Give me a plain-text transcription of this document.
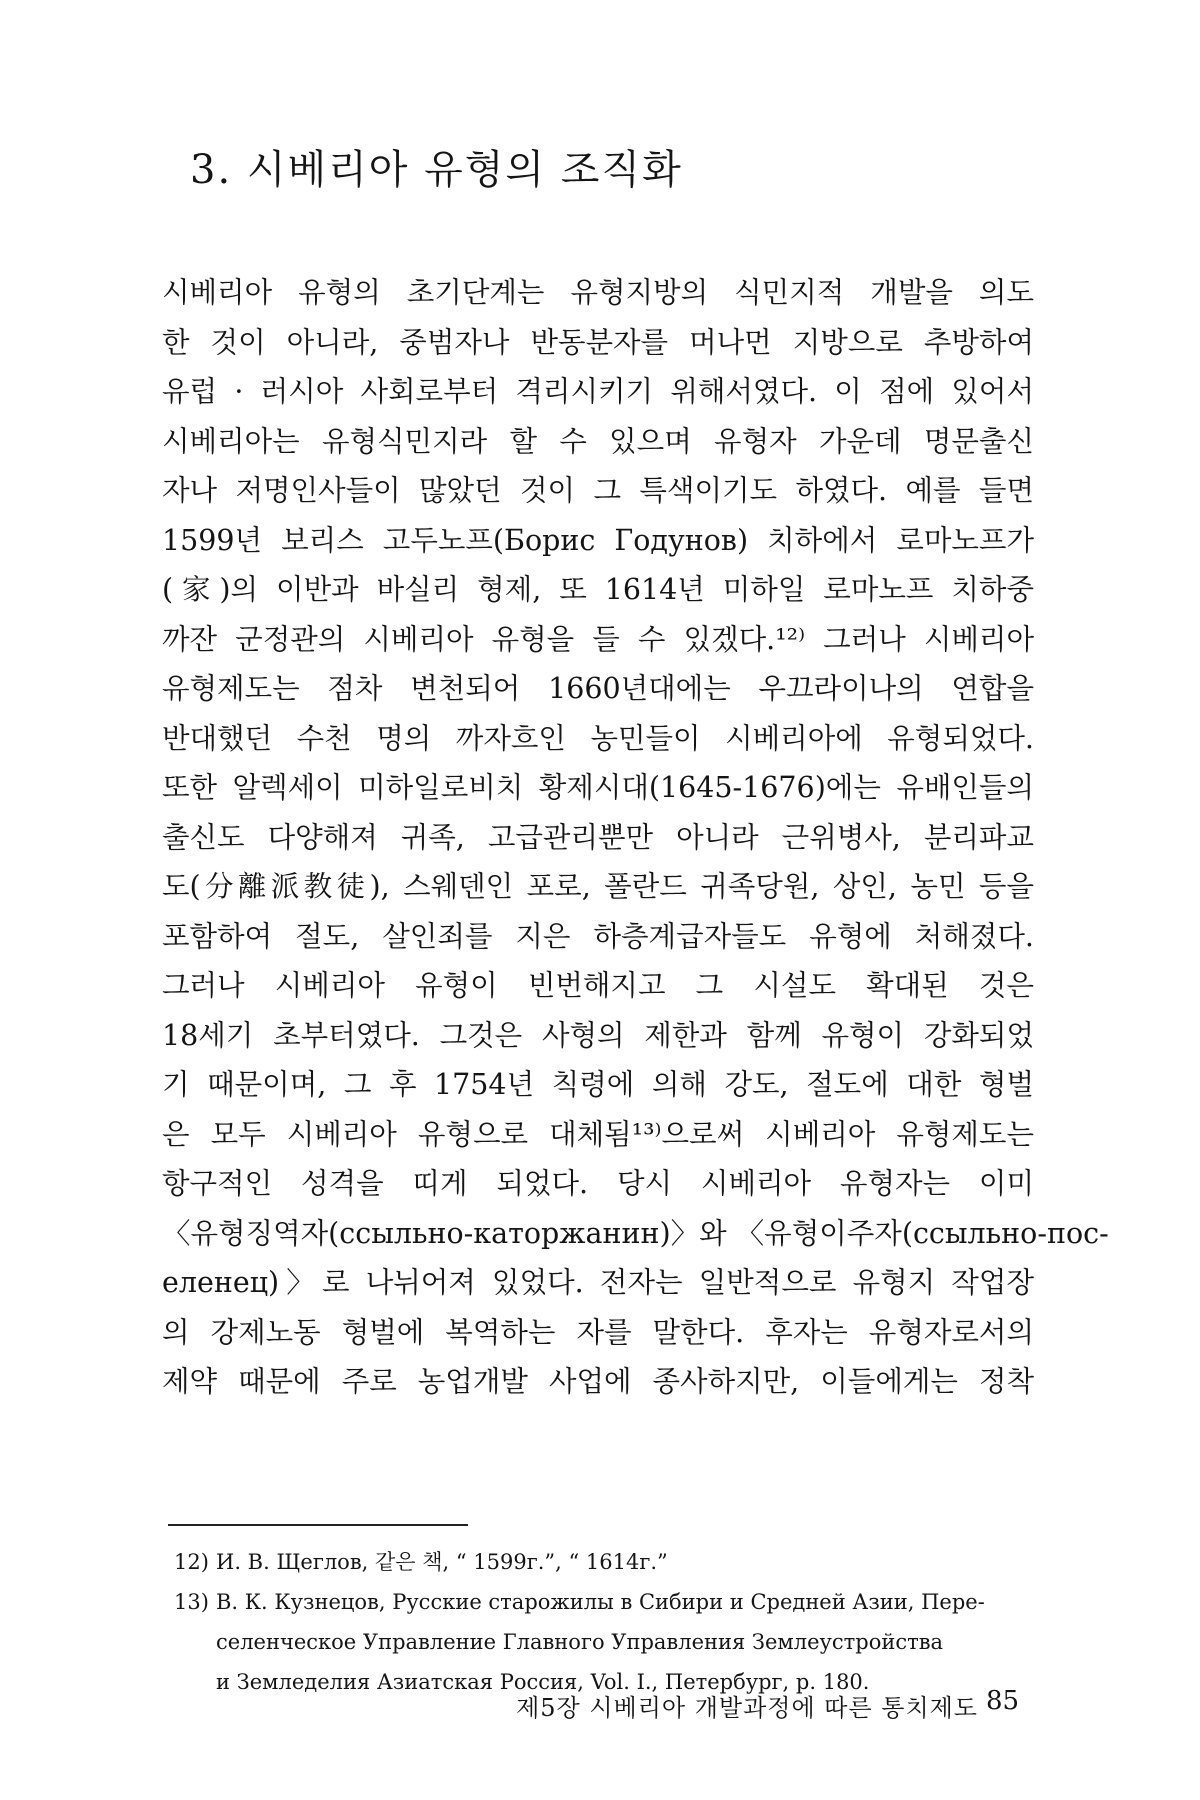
3. 시베리아 유형의 조직화
시베리아 유형의 초기단계는 유형지방의 식민지적 개발을 의도
한 것이 아니라, 중범자나 반동분자를 머나먼 지방으로 추방하여
유럽 · 러시아 사회로부터 격리시키기 위해서였다. 이 점에 있어서
시베리아는 유형식민지라 할 수 있으며 유형자 가운데 명문출신
자나 저명인사들이 많았던 것이 그 특색이기도 하였다. 예를 들면
1599년 보리스 고두노프(Борис Годунов) 치하에서 로마노프가
(家)의 이반과 바실리 형제, 또 1614년 미하일 로마노프 치하중
까잔 군정관의 시베리아 유형을 들 수 있겠다.¹²⁾ 그러나 시베리아
유형제도는 점차 변천되어 1660년대에는 우끄라이나의 연합을
반대했던 수천 명의 까자흐인 농민들이 시베리아에 유형되었다.
또한 알렉세이 미하일로비치 황제시대(1645-1676)에는 유배인들의
출신도 다양해져 귀족, 고급관리뿐만 아니라 근위병사, 분리파교
도(分離派教徒), 스웨덴인 포로, 폴란드 귀족당원, 상인, 농민 등을
포함하여 절도, 살인죄를 지은 하층계급자들도 유형에 처해졌다.
그러나 시베리아 유형이 빈번해지고 그 시설도 확대된 것은
18세기 초부터였다. 그것은 사형의 제한과 함께 유형이 강화되었
기 때문이며, 그 후 1754년 칙령에 의해 강도, 절도에 대한 형벌
은 모두 시베리아 유형으로 대체됨¹³⁾으로써 시베리아 유형제도는
항구적인 성격을 띠게 되었다. 당시 시베리아 유형자는 이미
〈유형징역자(ссыльно-каторжанин)〉와 〈유형이주자(ссыльно-пос-
еленец)〉로 나뉘어져 있었다. 전자는 일반적으로 유형지 작업장
의 강제노동 형벌에 복역하는 자를 말한다. 후자는 유형자로서의
제약 때문에 주로 농업개발 사업에 종사하지만, 이들에게는 정착
12) И. В. Щеглов, 같은 책, “ 1599г.”, “ 1614г.”
13) В. К. Кузнецов, Русские старожилы в Сибири и Средней Азии, Пере-
селенческое Управление Главного Управления Землеустройства
и Земледелия Азиатская Россия, Vol. I., Петербург, p. 180.
제5장 시베리아 개발과정에 따른 통치제도 85
